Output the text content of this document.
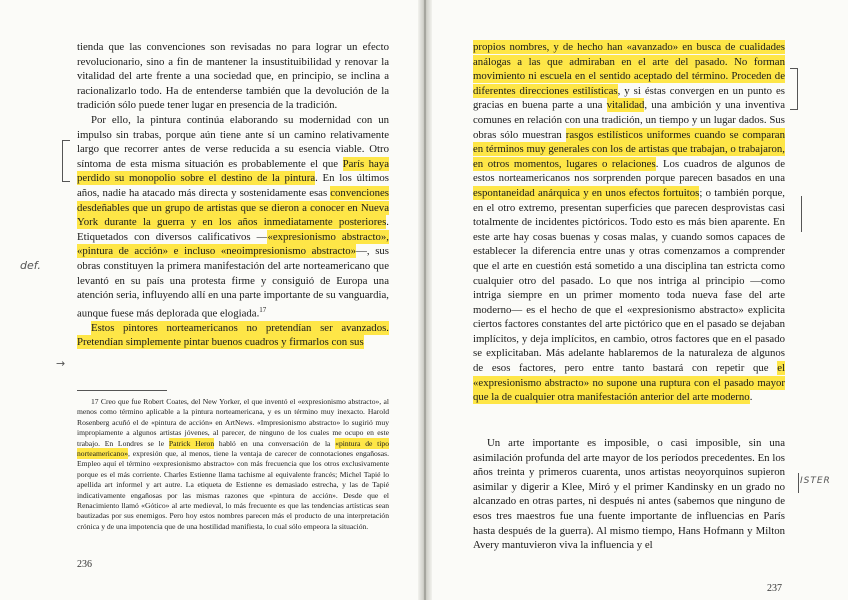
tienda que las convenciones son revisadas no para lograr un efecto revolucionario, sino a fin de mantener la insustituibilidad y renovar la vitalidad del arte frente a una sociedad que, en principio, se inclina a racionalizarlo todo. Ha de entenderse también que la devolución de la tradición sólo puede tener lugar en presencia de la tradición.

Por ello, la pintura continúa elaborando su modernidad con un impulso sin trabas, porque aún tiene ante sí un camino relativamente largo que recorrer antes de verse reducida a su esencia viable. Otro síntoma de esta misma situación es probablemente el que París haya perdido su monopolio sobre el destino de la pintura. En los últimos años, nadie ha atacado más directa y sostenidamente esas convenciones desdeñables que un grupo de artistas que se dieron a conocer en Nueva York durante la guerra y en los años inmediatamente posteriores. Etiquetados con diversos calificativos —«expresionismo abstracto», «pintura de acción» e incluso «neoimpresionismo abstracto»—, sus obras constituyen la primera manifestación del arte norteamericano que levantó en su país una protesta firme y consiguió de Europa una atención seria, influyendo allí en una parte importante de su vanguardia, aunque fuese más deplorada que elogiada.$^{17}$

Estos pintores norteamericanos no pretendían ser avanzados. Pretendían simplemente pintar buenos cuadros y firmarlos con sus

17 Creo que fue Robert Coates, del New Yorker, el que inventó el «expresionismo abstracto», al menos como término aplicable a la pintura norteamericana, y es un término muy inexacto. Harold Rosenberg acuñó el de «pintura de acción» en ArtNews. «Impresionismo abstracto» lo sugirió muy impropiamente a algunos artistas jóvenes, al parecer, de ninguno de los cuales me ocupo en este trabajo. En Londres se le Patrick Heron habló en una conversación de la «pintura de tipo norteamericano», expresión que, al menos, tiene la ventaja de carecer de connotaciones engañosas. Empleo aquí el término «expresionismo abstracto» con más frecuencia que los otros exclusivamente porque es el más corriente. Charles Estienne llama tachisme al equivalente francés; Michel Tapié lo apellida art informel y art autre. La etiqueta de Estienne es demasiado estrecha, y las de Tapié indicativamente engañosas por las mismas razones que «pintura de acción». Desde que el Renacimiento llamó «Gótico» al arte medieval, lo más frecuente es que las tendencias artísticas sean bautizadas por sus enemigos. Pero hoy estos nombres parecen más el producto de una interpretación crónica y de una impotencia que de una hostilidad manifiesta, lo cual sólo empeora la situación.

236

propios nombres, y de hecho han «avanzado» en busca de cualidades análogas a las que admiraban en el arte del pasado. No forman movimiento ni escuela en el sentido aceptado del término. Proceden de diferentes direcciones estilísticas, y si éstas convergen en un punto es gracias en buena parte a una vitalidad, una ambición y una inventiva comunes en relación con una tradición, un tiempo y un lugar dados. Sus obras sólo muestran rasgos estilísticos uniformes cuando se comparan en términos muy generales con los de artistas que trabajan, o trabajaron, en otros momentos, lugares o relaciones. Los cuadros de algunos de estos norteamericanos nos sorprenden porque parecen basados en una espontaneidad anárquica y en unos efectos fortuitos; o también porque, en el otro extremo, presentan superficies que parecen desprovistas casi totalmente de incidentes pictóricos. Todo esto es más bien aparente. En este arte hay cosas buenas y cosas malas, y cuando somos capaces de establecer la diferencia entre unas y otras comenzamos a comprender que el arte en cuestión está sometido a una disciplina tan estricta como cualquier otro del pasado. Lo que nos intriga al principio —como intriga siempre en un primer momento toda nueva fase del arte moderno— es el hecho de que el «expresionismo abstracto» explicita ciertos factores constantes del arte pictórico que en el pasado se dejaban implícitos, y deja implícitos, en cambio, otros factores que en el pasado se explicitaban. Más adelante hablaremos de la naturaleza de algunos de esos factores, pero entre tanto bastará con repetir que el «expresionismo abstracto» no supone una ruptura con el pasado mayor que la de cualquier otra manifestación anterior del arte moderno.

Un arte importante es imposible, o casi imposible, sin una asimilación profunda del arte mayor de los períodos precedentes. En los años treinta y primeros cuarenta, unos artistas neoyorquinos supieron asimilar y digerir a Klee, Miró y el primer Kandinsky en un grado no alcanzado en otras partes, ni después ni antes (sabemos que ninguno de esos tres maestros fue una fuente importante de influencias en París hasta después de la guerra). Al mismo tiempo, Hans Hofmann y Milton Avery mantuvieron viva la influencia y el

237
def.
→
ISTER
